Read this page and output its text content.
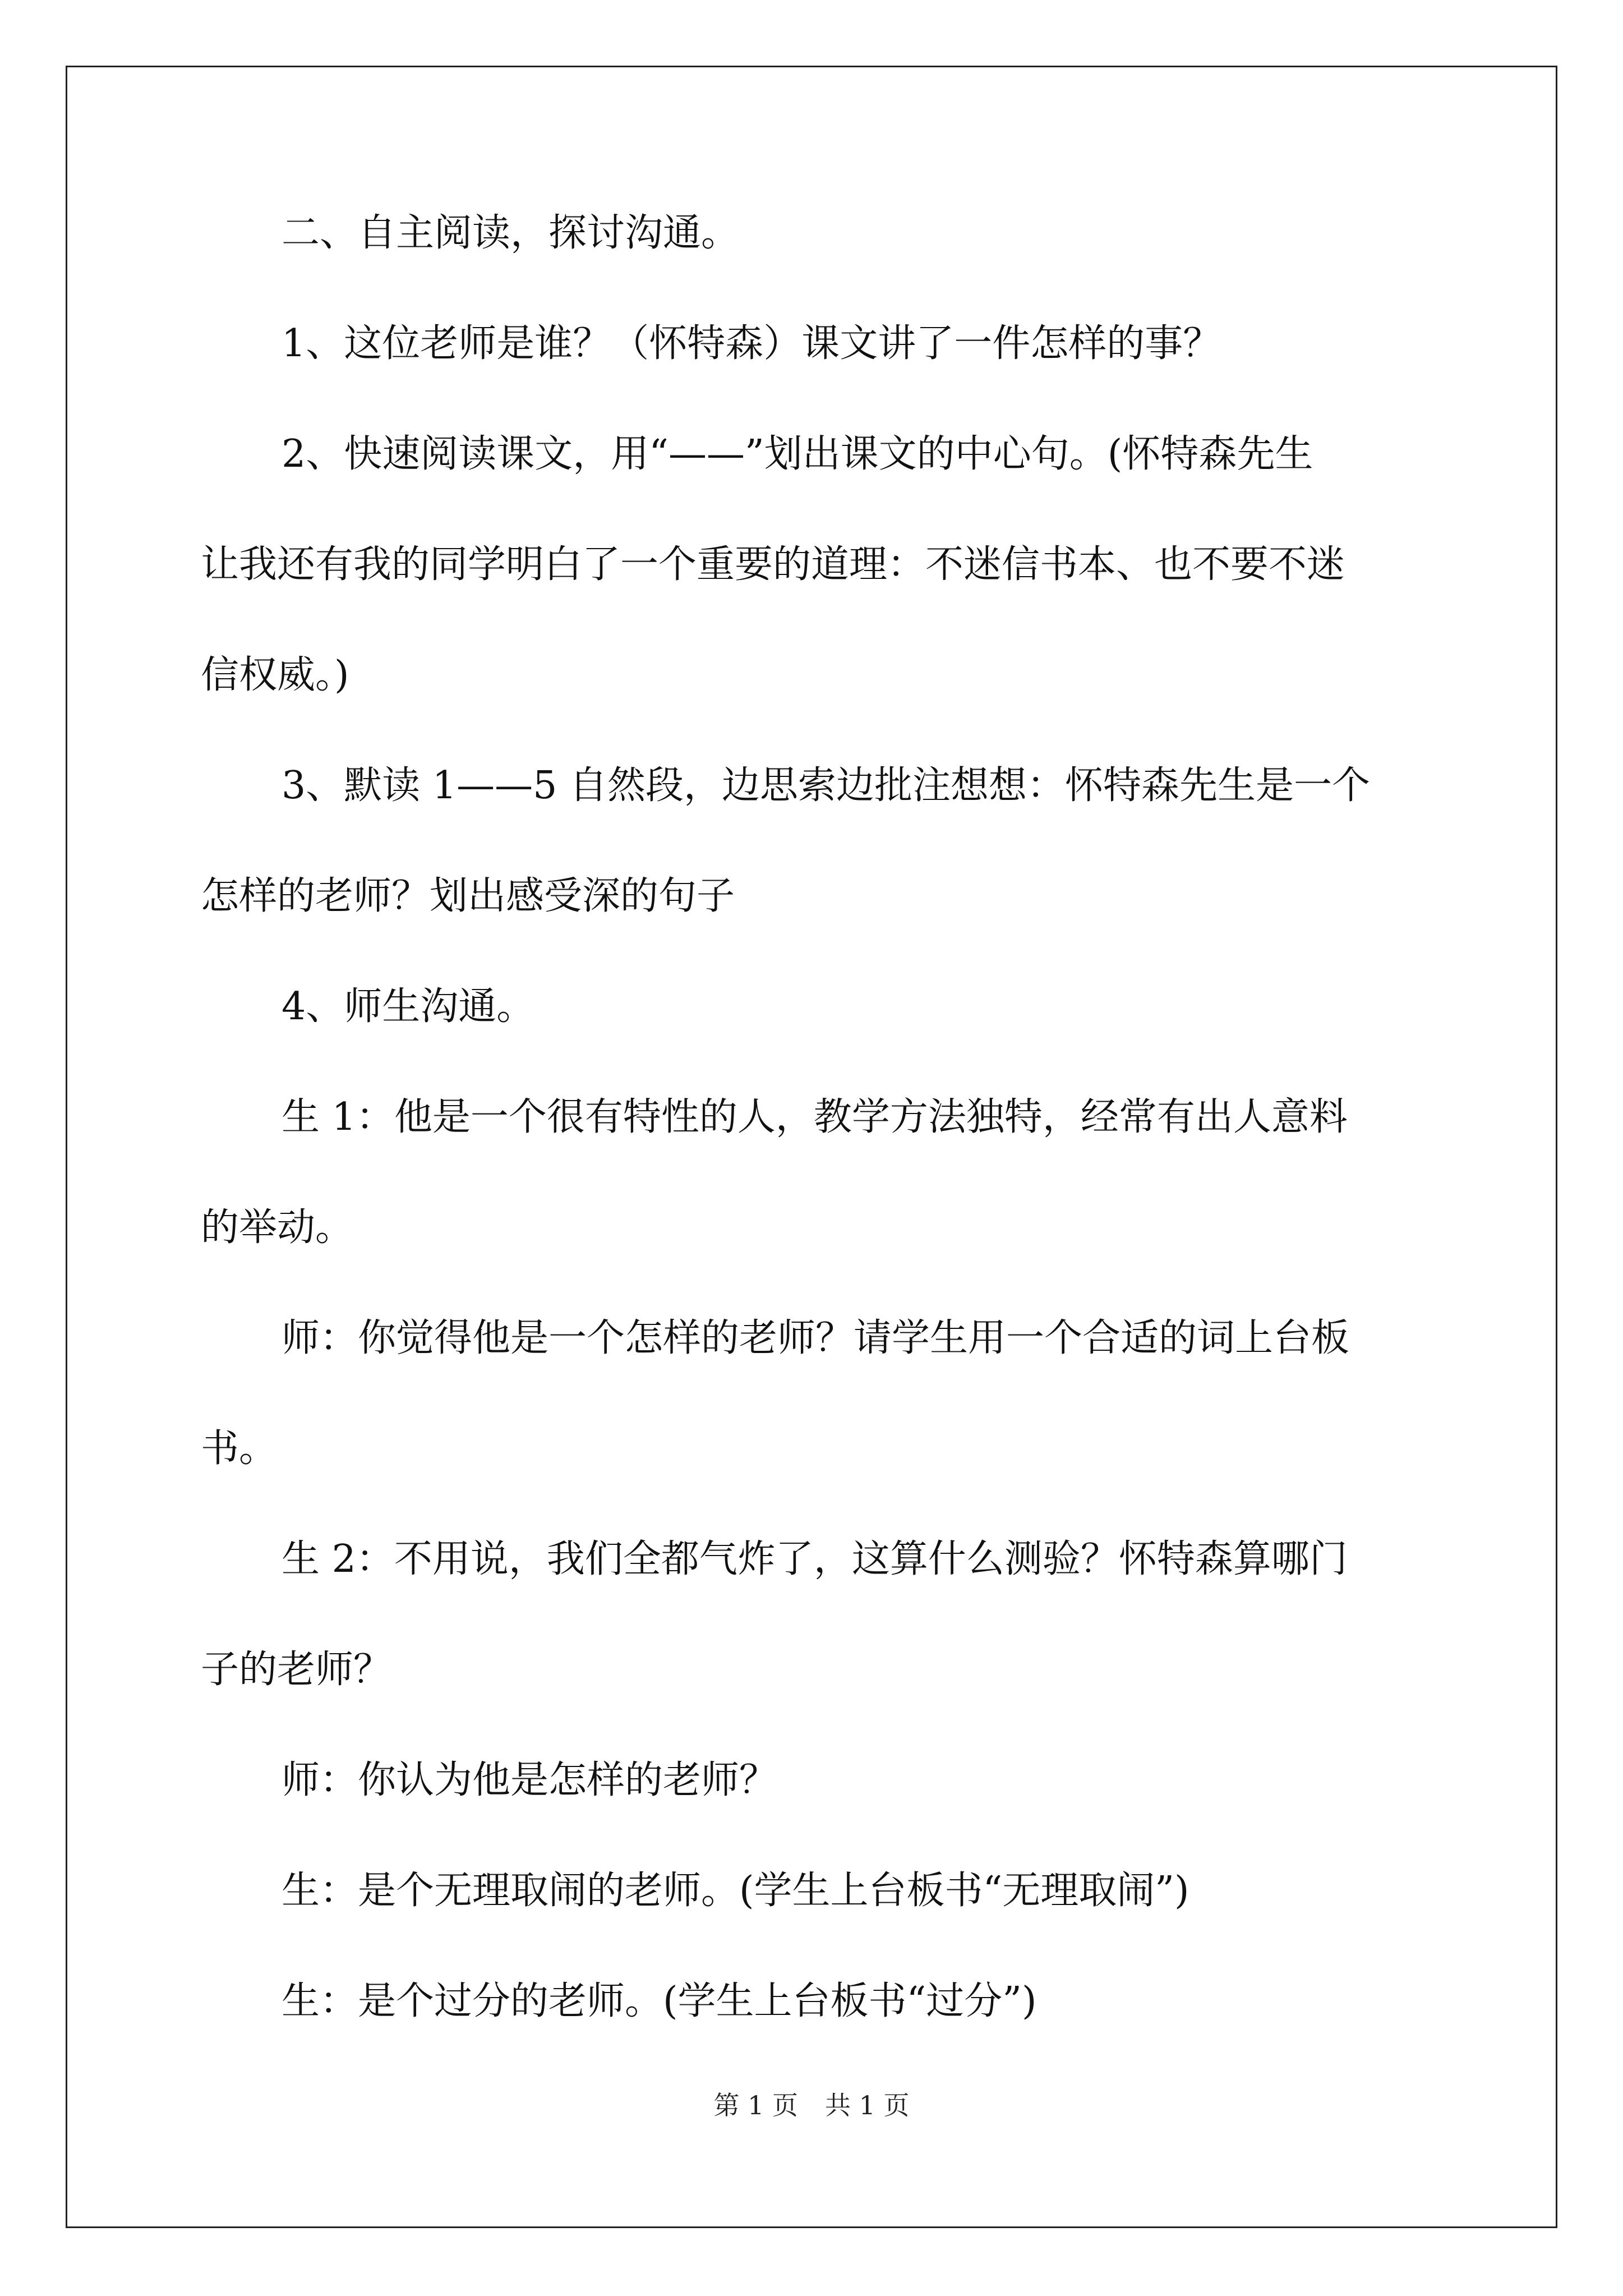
二、自主阅读，探讨沟通。

1、这位老师是谁？（怀特森）课文讲了一件怎样的事？

2、快速阅读课文，用“——”划出课文的中心句。(怀特森先生

让我还有我的同学明白了一个重要的道理：不迷信书本、也不要不迷

信权威。)

3、默读 1——5 自然段，边思索边批注想想：怀特森先生是一个

怎样的老师？划出感受深的句子

4、师生沟通。

生 1：他是一个很有特性的人，教学方法独特，经常有出人意料

的举动。

师：你觉得他是一个怎样的老师？请学生用一个合适的词上台板

书。

生 2：不用说，我们全都气炸了，这算什么测验？怀特森算哪门

子的老师？

师：你认为他是怎样的老师？

生：是个无理取闹的老师。(学生上台板书“无理取闹”)

生：是个过分的老师。(学生上台板书“过分”)

第 1 页 共 1 页
